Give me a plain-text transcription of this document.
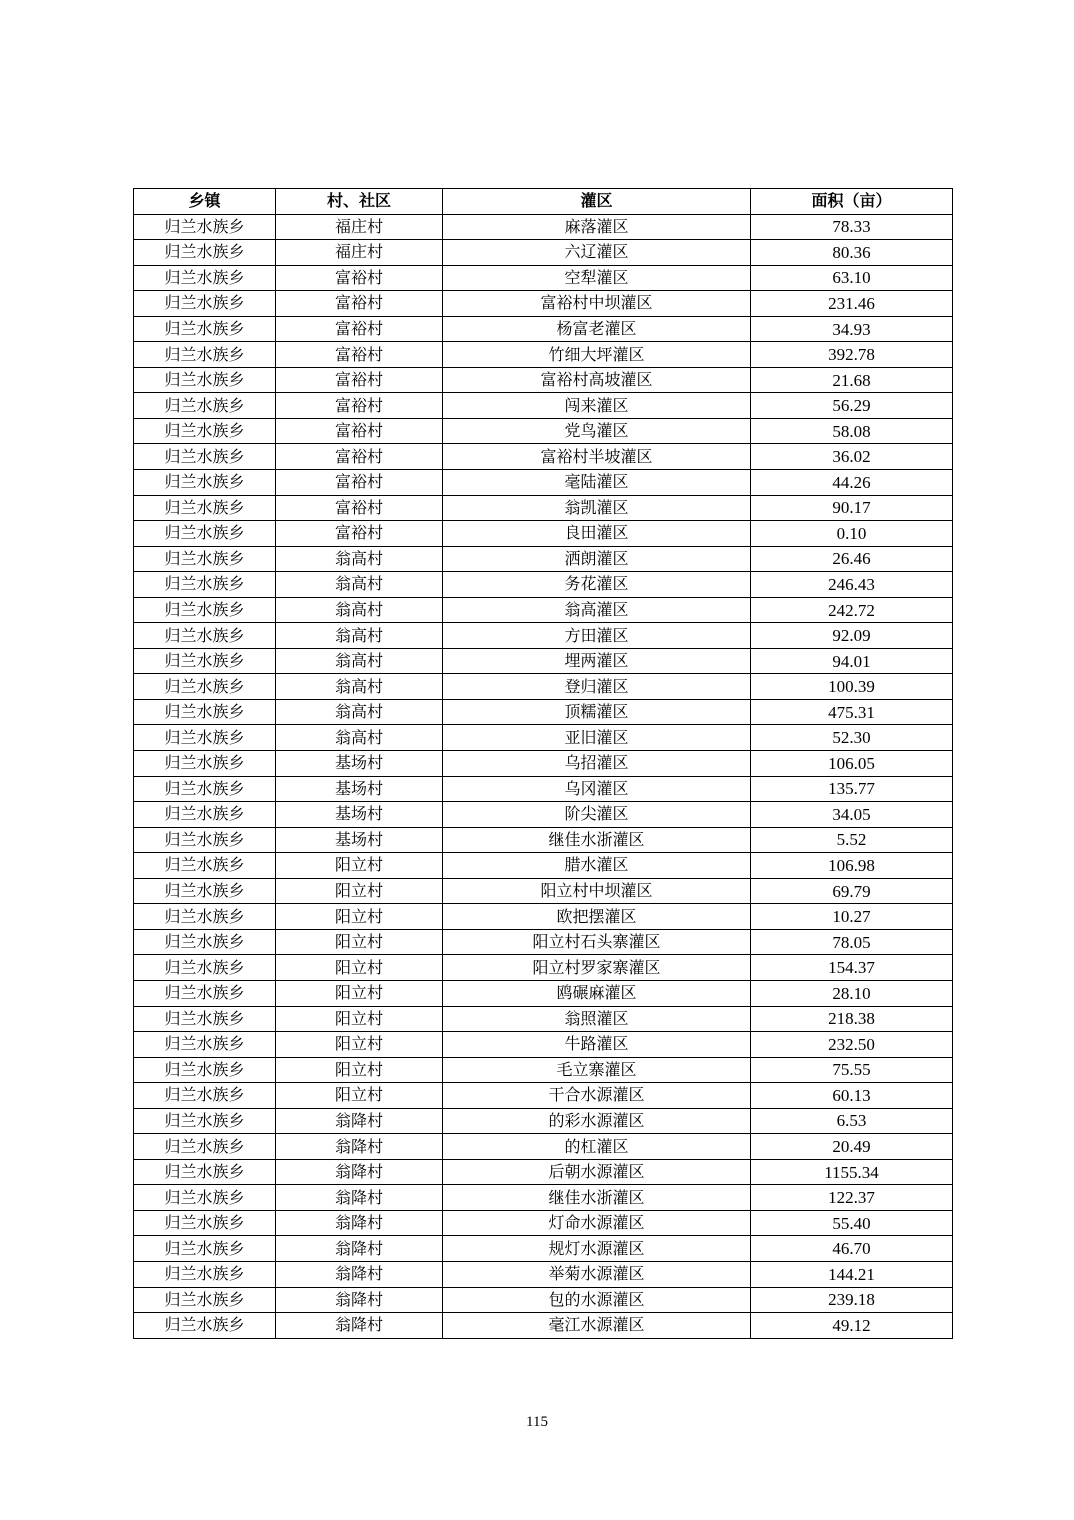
乡镇	村、社区	灌区	面积（亩）
归兰水族乡	福庄村	麻落灌区	78.33
归兰水族乡	福庄村	六辽灌区	80.36
归兰水族乡	富裕村	空犁灌区	63.10
归兰水族乡	富裕村	富裕村中坝灌区	231.46
归兰水族乡	富裕村	杨富老灌区	34.93
归兰水族乡	富裕村	竹细大坪灌区	392.78
归兰水族乡	富裕村	富裕村高坡灌区	21.68
归兰水族乡	富裕村	闯来灌区	56.29
归兰水族乡	富裕村	党鸟灌区	58.08
归兰水族乡	富裕村	富裕村半坡灌区	36.02
归兰水族乡	富裕村	毫陆灌区	44.26
归兰水族乡	富裕村	翁凯灌区	90.17
归兰水族乡	富裕村	良田灌区	0.10
归兰水族乡	翁高村	洒朗灌区	26.46
归兰水族乡	翁高村	务花灌区	246.43
归兰水族乡	翁高村	翁高灌区	242.72
归兰水族乡	翁高村	方田灌区	92.09
归兰水族乡	翁高村	埋两灌区	94.01
归兰水族乡	翁高村	登归灌区	100.39
归兰水族乡	翁高村	顶糯灌区	475.31
归兰水族乡	翁高村	亚旧灌区	52.30
归兰水族乡	基场村	乌招灌区	106.05
归兰水族乡	基场村	乌冈灌区	135.77
归兰水族乡	基场村	阶尖灌区	34.05
归兰水族乡	基场村	继佳水浙灌区	5.52
归兰水族乡	阳立村	腊水灌区	106.98
归兰水族乡	阳立村	阳立村中坝灌区	69.79
归兰水族乡	阳立村	欧把摆灌区	10.27
归兰水族乡	阳立村	阳立村石头寨灌区	78.05
归兰水族乡	阳立村	阳立村罗家寨灌区	154.37
归兰水族乡	阳立村	鸥碾麻灌区	28.10
归兰水族乡	阳立村	翁照灌区	218.38
归兰水族乡	阳立村	牛路灌区	232.50
归兰水族乡	阳立村	毛立寨灌区	75.55
归兰水族乡	阳立村	干合水源灌区	60.13
归兰水族乡	翁降村	的彩水源灌区	6.53
归兰水族乡	翁降村	的杠灌区	20.49
归兰水族乡	翁降村	后朝水源灌区	1155.34
归兰水族乡	翁降村	继佳水浙灌区	122.37
归兰水族乡	翁降村	灯命水源灌区	55.40
归兰水族乡	翁降村	规灯水源灌区	46.70
归兰水族乡	翁降村	举菊水源灌区	144.21
归兰水族乡	翁降村	包的水源灌区	239.18
归兰水族乡	翁降村	毫江水源灌区	49.12
115
